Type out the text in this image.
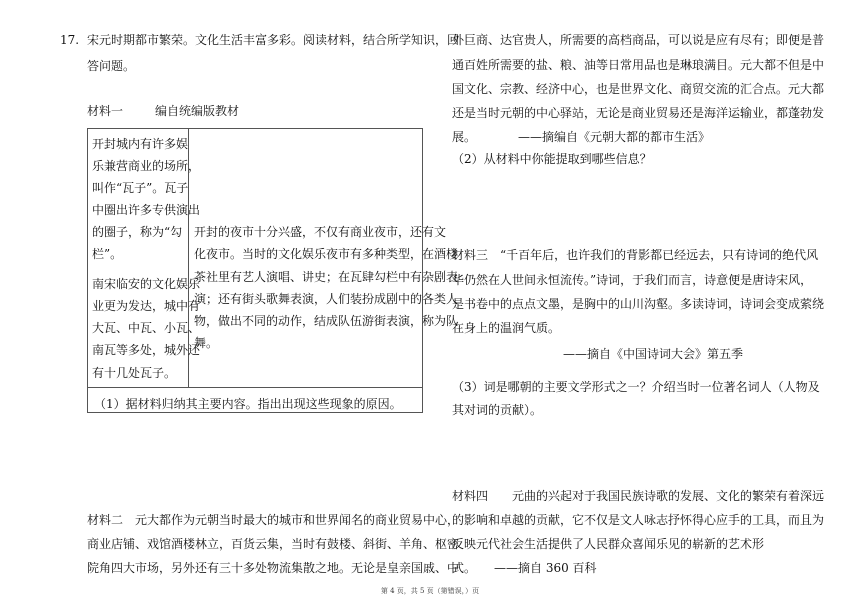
17. 宋元时期都市繁荣。文化生活丰富多彩。阅读材料，结合所学知识，回
答问题。
材料一	编自统编版教材
开封城内有许多娱
乐兼营商业的场所，
叫作“瓦子”。瓦子
中圈出许多专供演出
的圈子，称为“勾
栏”。
南宋临安的文化娱乐
业更为发达，城中有
大瓦、中瓦、小瓦、
南瓦等多处，城外还
有十几处瓦子。
开封的夜市十分兴盛，不仅有商业夜市，还有文
化夜市。当时的文化娱乐夜市有多种类型，在酒楼
茶社里有艺人演唱、讲史；在瓦肆勾栏中有杂剧表
演；还有街头歌舞表演，人们装扮成剧中的各类人
物，做出不同的动作，结成队伍游街表演，称为队
舞。
（1）据材料归纳其主要内容。指出出现这些现象的原因。
材料二　元大都作为元朝当时最大的城市和世界闻名的商业贸易中心，
商业店铺、戏馆酒楼林立，百货云集，当时有鼓楼、斜街、羊角、枢密
院角四大市场，另外还有三十多处物流集散之地。无论是皇亲国戚、中
外巨商、达官贵人，所需要的高档商品，可以说是应有尽有；即便是普
通百姓所需要的盐、粮、油等日常用品也是琳琅满目。元大都不但是中
国文化、宗教、经济中心，也是世界文化、商贸交流的汇合点。元大都
还是当时元朝的中心驿站，无论是商业贸易还是海洋运输业，都蓬勃发
展。　　　　——摘编自《元朝大都的都市生活》
（2）从材料中你能提取到哪些信息？
材料三　“千百年后，也许我们的背影都已经远去，只有诗词的绝代风
华仍然在人世间永恒流传。”诗词，于我们而言，诗意便是唐诗宋风，
是书卷中的点点文墨，是胸中的山川沟壑。多读诗词，诗词会变成萦绕
在身上的温润气质。
——摘自《中国诗词大会》第五季
（3）词是哪朝的主要文学形式之一？介绍当时一位著名词人（人物及
其对词的贡献）。
材料四　　元曲的兴起对于我国民族诗歌的发展、文化的繁荣有着深远
的影响和卓越的贡献，它不仅是文人咏志抒怀得心应手的工具，而且为
反映元代社会生活提供了人民群众喜闻乐见的崭新的艺术形
式。　　——摘自 360 百科
第 4 页，共 5 页（第错误，）页
